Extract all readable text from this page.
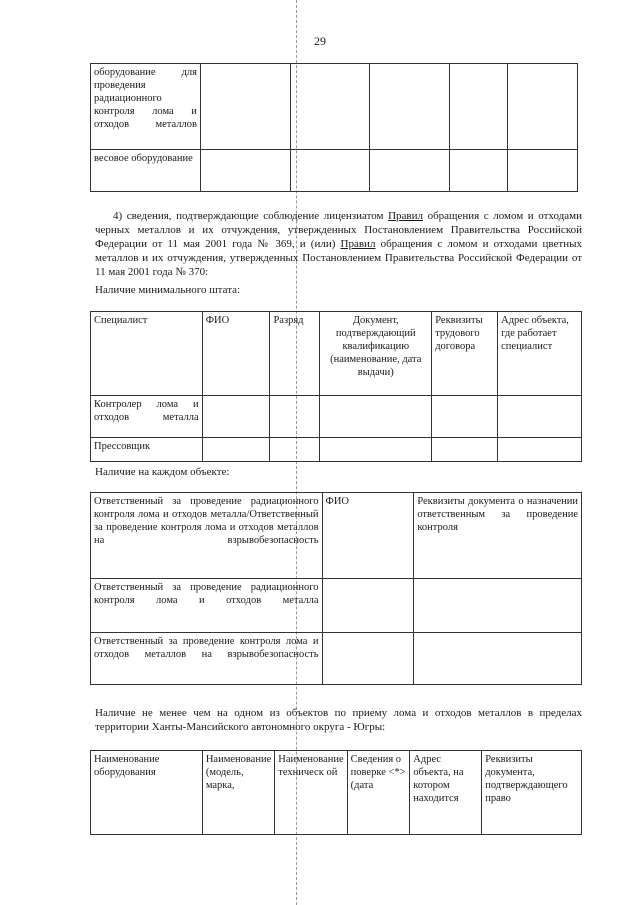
29
оборудование для проведения радиационного контроля лома и отходов металлов					
весовое оборудование					
4) сведения, подтверждающие соблюдение лицензиатом Правил обращения с ломом и отходами черных металлов и их отчуждения, утвержденных Постановлением Правительства Российской Федерации от 11 мая 2001 года № 369, и (или) Правил обращения с ломом и отходами цветных металлов и их отчуждения, утвержденных Постановлением Правительства Российской Федерации от 11 мая 2001 года № 370:
Наличие минимального штата:
Специалист	ФИО	Разряд	Документ, подтверждающий квалификацию (наименование, дата выдачи)	Реквизиты трудового договора	Адрес объекта, где работает специалист
Контролер лома и отходов металла					
Прессовщик					
Наличие на каждом объекте:
Ответственный за проведение радиационного контроля лома и отходов металла/Ответственный за проведение контроля лома и отходов металлов на взрывобезопасность	ФИО	Реквизиты документа о назначении ответственным за проведение контроля
Ответственный за проведение радиационного контроля лома и отходов металла		
Ответственный за проведение контроля лома и отходов металлов на взрывобезопасность		
Наличие не менее чем на одном из объектов по приему лома и отходов металлов в пределах территории Ханты-Мансийского автономного округа - Югры:
Наименование оборудования	Наименование (модель, марка,	Наименование техническ ой	Сведения о поверке <*> (дата	Адрес объекта, на котором находится	Реквизиты документа, подтверждающего право
